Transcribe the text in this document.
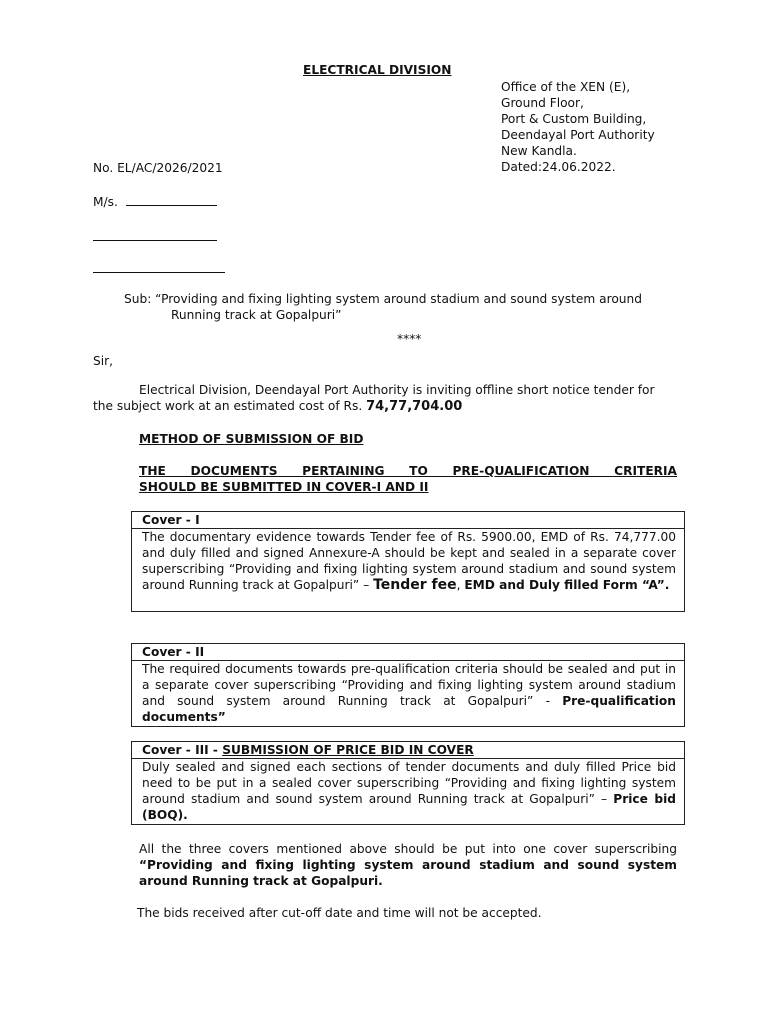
ELECTRICAL DIVISION
Office of the XEN (E),
Ground Floor,
Port & Custom Building,
Deendayal Port Authority
New Kandla.
Dated:24.06.2022.
No. EL/AC/2026/2021
M/s.
Sub: “Providing and fixing lighting system around stadium and sound system around
Running track at Gopalpuri”
****
Sir,
Electrical Division, Deendayal Port Authority is inviting offline short notice tender for
the subject work at an estimated cost of Rs. 74,77,704.00
METHOD OF SUBMISSION OF BID
THE DOCUMENTS PERTAINING TO PRE-QUALIFICATION CRITERIA
SHOULD BE SUBMITTED IN COVER-I AND II
Cover - I
The documentary evidence towards Tender fee of Rs. 5900.00, EMD of Rs. 74,777.00 and duly filled and signed Annexure-A should be kept and sealed in a separate cover superscribing “Providing and fixing lighting system around stadium and sound system around Running track at Gopalpuri” – Tender fee, EMD and Duly filled Form “A”.
Cover - II
The required documents towards pre-qualification criteria should be sealed and put in a separate cover superscribing “Providing and fixing lighting system around stadium and sound system around Running track at Gopalpuri” - Pre-qualification documents”
Cover - III - SUBMISSION OF PRICE BID IN COVER
Duly sealed and signed each sections of tender documents and duly filled Price bid need to be put in a sealed cover superscribing “Providing and fixing lighting system around stadium and sound system around Running track at Gopalpuri” – Price bid (BOQ).
All the three covers mentioned above should be put into one cover superscribing “Providing and fixing lighting system around stadium and sound system around Running track at Gopalpuri.
The bids received after cut-off date and time will not be accepted.
